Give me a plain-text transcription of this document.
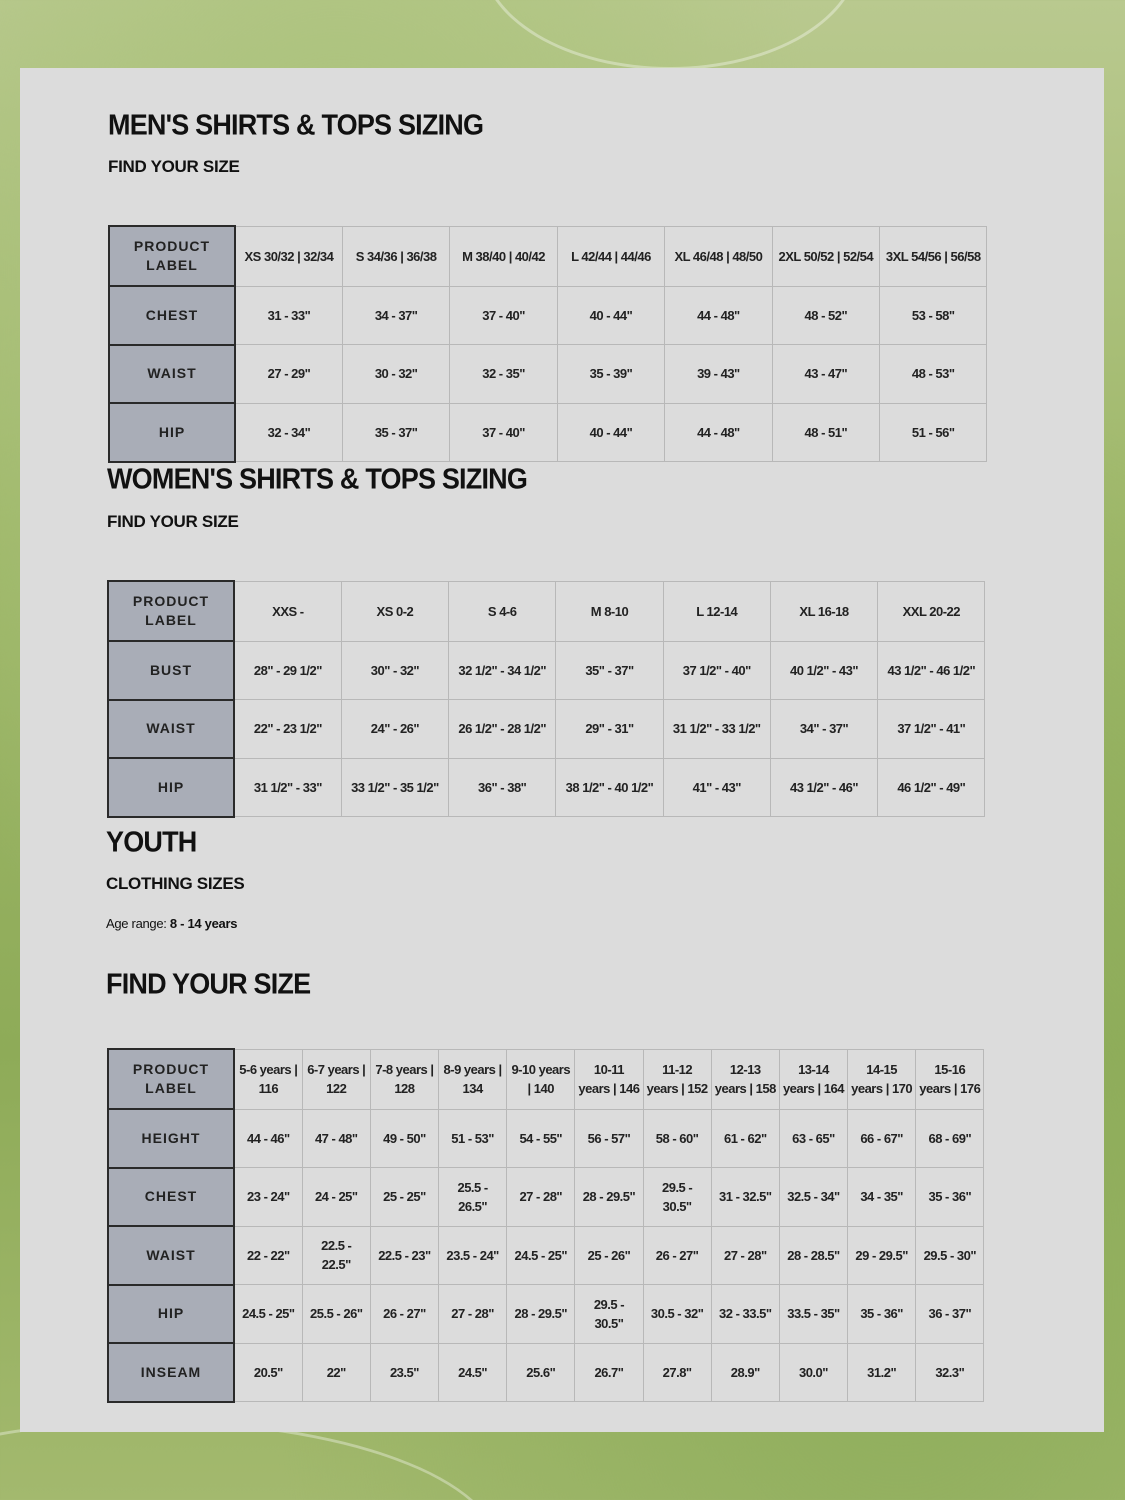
MEN'S SHIRTS & TOPS SIZING
FIND YOUR SIZE
PRODUCT LABEL	XS 30/32 | 32/34	S 34/36 | 36/38	M 38/40 | 40/42	L 42/44 | 44/46	XL 46/48 | 48/50	2XL 50/52 | 52/54	3XL 54/56 | 56/58
CHEST	31 - 33"	34 - 37"	37 - 40"	40 - 44"	44 - 48"	48 - 52"	53 - 58"
WAIST	27 - 29"	30 - 32"	32 - 35"	35 - 39"	39 - 43"	43 - 47"	48 - 53"
HIP	32 - 34"	35 - 37"	37 - 40"	40 - 44"	44 - 48"	48 - 51"	51 - 56"
WOMEN'S SHIRTS & TOPS SIZING
FIND YOUR SIZE
PRODUCT LABEL	XXS -	XS 0-2	S 4-6	M 8-10	L 12-14	XL 16-18	XXL 20-22
BUST	28" - 29 1/2"	30" - 32"	32 1/2" - 34 1/2"	35" - 37"	37 1/2" - 40"	40 1/2" - 43"	43 1/2" - 46 1/2"
WAIST	22" - 23 1/2"	24" - 26"	26 1/2" - 28 1/2"	29" - 31"	31 1/2" - 33 1/2"	34" - 37"	37 1/2" - 41"
HIP	31 1/2" - 33"	33 1/2" - 35 1/2"	36" - 38"	38 1/2" - 40 1/2"	41" - 43"	43 1/2" - 46"	46 1/2" - 49"
YOUTH
CLOTHING SIZES
Age range: 8 - 14 years
FIND YOUR SIZE
PRODUCT LABEL	5-6 years | 116	6-7 years | 122	7-8 years | 128	8-9 years | 134	9-10 years | 140	10-11 years | 146	11-12 years | 152	12-13 years | 158	13-14 years | 164	14-15 years | 170	15-16 years | 176
HEIGHT	44 - 46"	47 - 48"	49 - 50"	51 - 53"	54 - 55"	56 - 57"	58 - 60"	61 - 62"	63 - 65"	66 - 67"	68 - 69"
CHEST	23 - 24"	24 - 25"	25 - 25"	25.5 - 26.5"	27 - 28"	28 - 29.5"	29.5 - 30.5"	31 - 32.5"	32.5 - 34"	34 - 35"	35 - 36"
WAIST	22 - 22"	22.5 - 22.5"	22.5 - 23"	23.5 - 24"	24.5 - 25"	25 - 26"	26 - 27"	27 - 28"	28 - 28.5"	29 - 29.5"	29.5 - 30"
HIP	24.5 - 25"	25.5 - 26"	26 - 27"	27 - 28"	28 - 29.5"	29.5 - 30.5"	30.5 - 32"	32 - 33.5"	33.5 - 35"	35 - 36"	36 - 37"
INSEAM	20.5"	22"	23.5"	24.5"	25.6"	26.7"	27.8"	28.9"	30.0"	31.2"	32.3"
